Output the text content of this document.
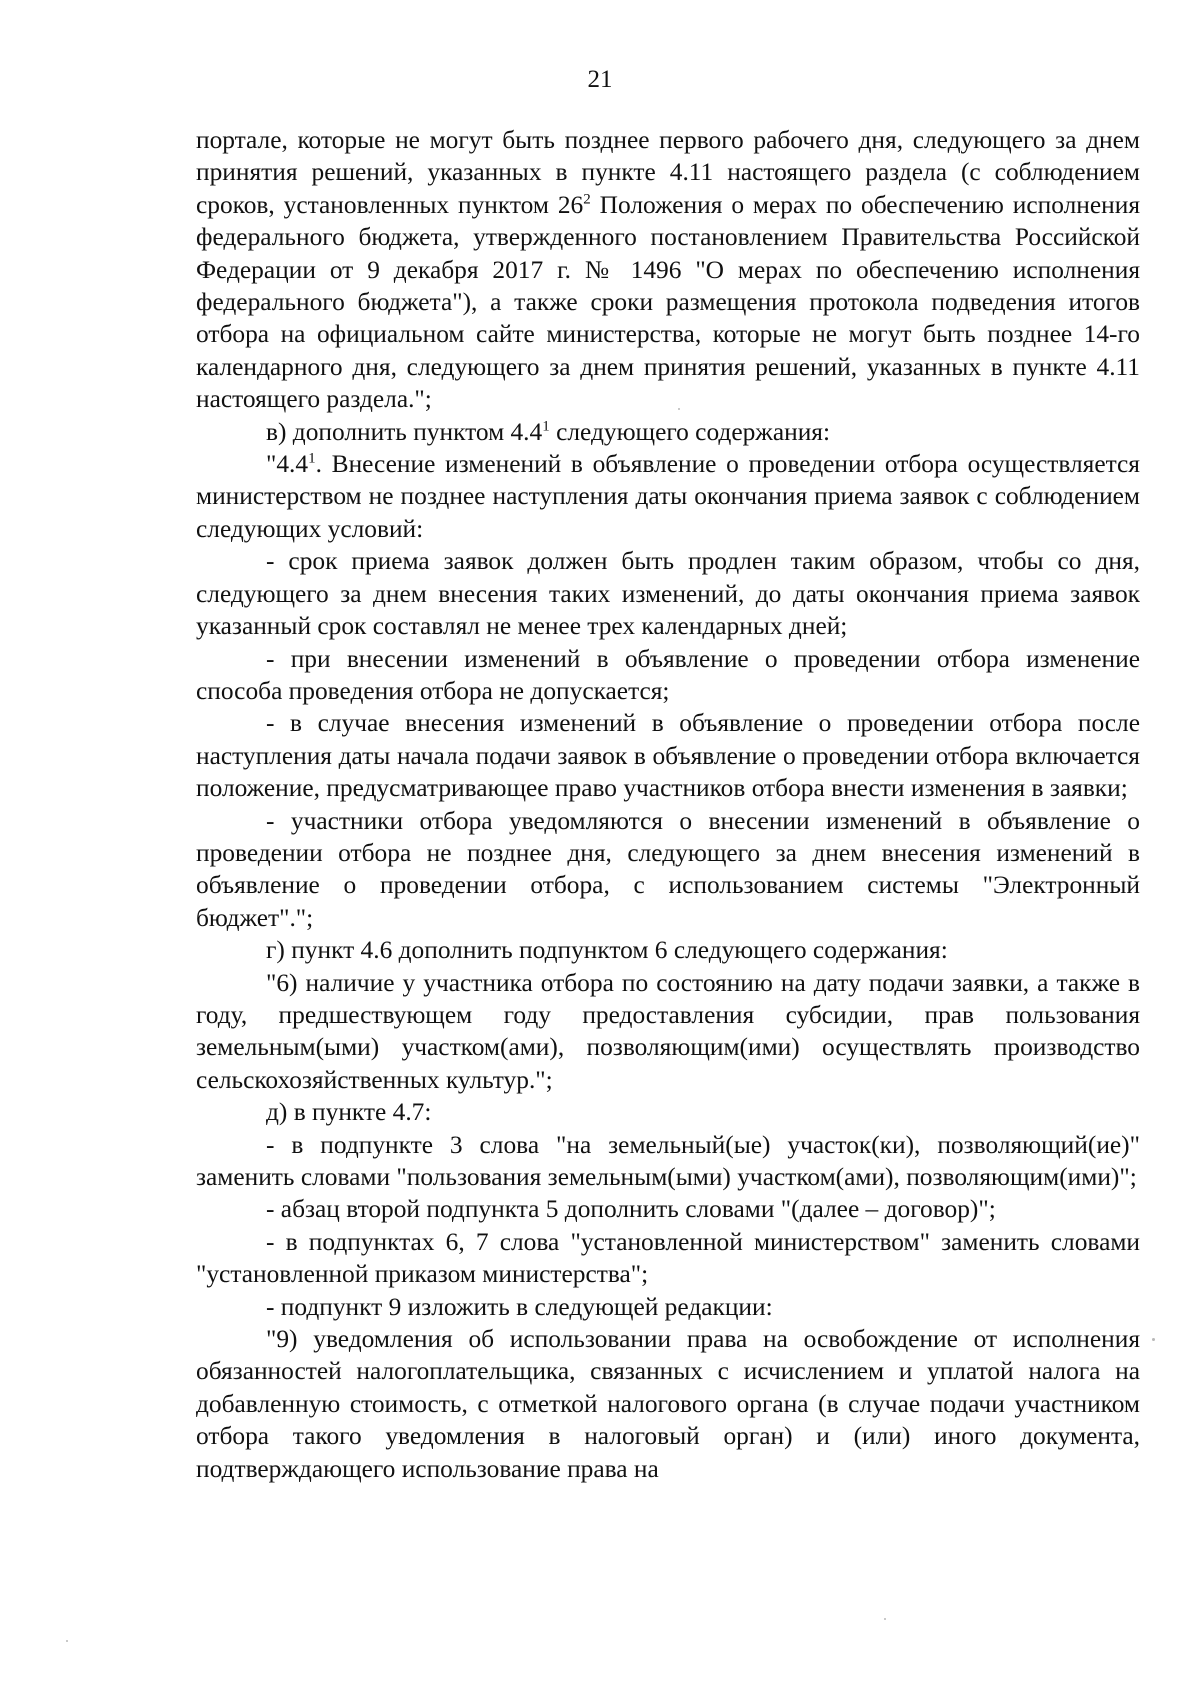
21

порталe, которые не могут быть позднее первого рабочего дня, следующего за днем принятия решений, указанных в пункте 4.11 настоящего раздела (с соблюдением сроков, установленных пунктом $26^2$ Положения о мерах по обеспечению исполнения федерального бюджета, утвержденного постановлением Правительства Российской Федерации от 9 декабря 2017 г. № 1496 "О мерах по обеспечению исполнения федерального бюджета"), а также сроки размещения протокола подведения итогов отбора на официальном сайте министерства, которые не могут быть позднее 14-го календарного дня, следующего за днем принятия решений, указанных в пункте 4.11 настоящего раздела.";

в) дополнить пунктом $4.4^1$ следующего содержания:

"$4.4^1$. Внесение изменений в объявление о проведении отбора осуществляется министерством не позднее наступления даты окончания приема заявок с соблюдением следующих условий:

- срок приема заявок должен быть продлен таким образом, чтобы со дня, следующего за днем внесения таких изменений, до даты окончания приема заявок указанный срок составлял не менее трех календарных дней;

- при внесении изменений в объявление о проведении отбора изменение способа проведения отбора не допускается;

- в случае внесения изменений в объявление о проведении отбора после наступления даты начала подачи заявок в объявление о проведении отбора включается положение, предусматривающее право участников отбора внести изменения в заявки;

- участники отбора уведомляются о внесении изменений в объявление о проведении отбора не позднее дня, следующего за днем внесения изменений в объявление о проведении отбора, с использованием системы "Электронный бюджет".";

г) пункт 4.6 дополнить подпунктом 6 следующего содержания:

"6) наличие у участника отбора по состоянию на дату подачи заявки, а также в году, предшествующем году предоставления субсидии, прав пользования земельным(ыми) участком(ами), позволяющим(ими) осуществлять производство сельскохозяйственных культур.";

д) в пункте 4.7:

- в подпункте 3 слова "на земельный(ые) участок(ки), позволяющий(ие)" заменить словами "пользования земельным(ыми) участком(ами), позволяющим(ими)";

- абзац второй подпункта 5 дополнить словами "(далее – договор)";

- в подпунктах 6, 7 слова "установленной министерством" заменить словами "установленной приказом министерства";

- подпункт 9 изложить в следующей редакции:

"9) уведомления об использовании права на освобождение от исполнения обязанностей налогоплательщика, связанных с исчислением и уплатой налога на добавленную стоимость, с отметкой налогового органа (в случае подачи участником отбора такого уведомления в налоговый орган) и (или) иного документа, подтверждающего использование права на
